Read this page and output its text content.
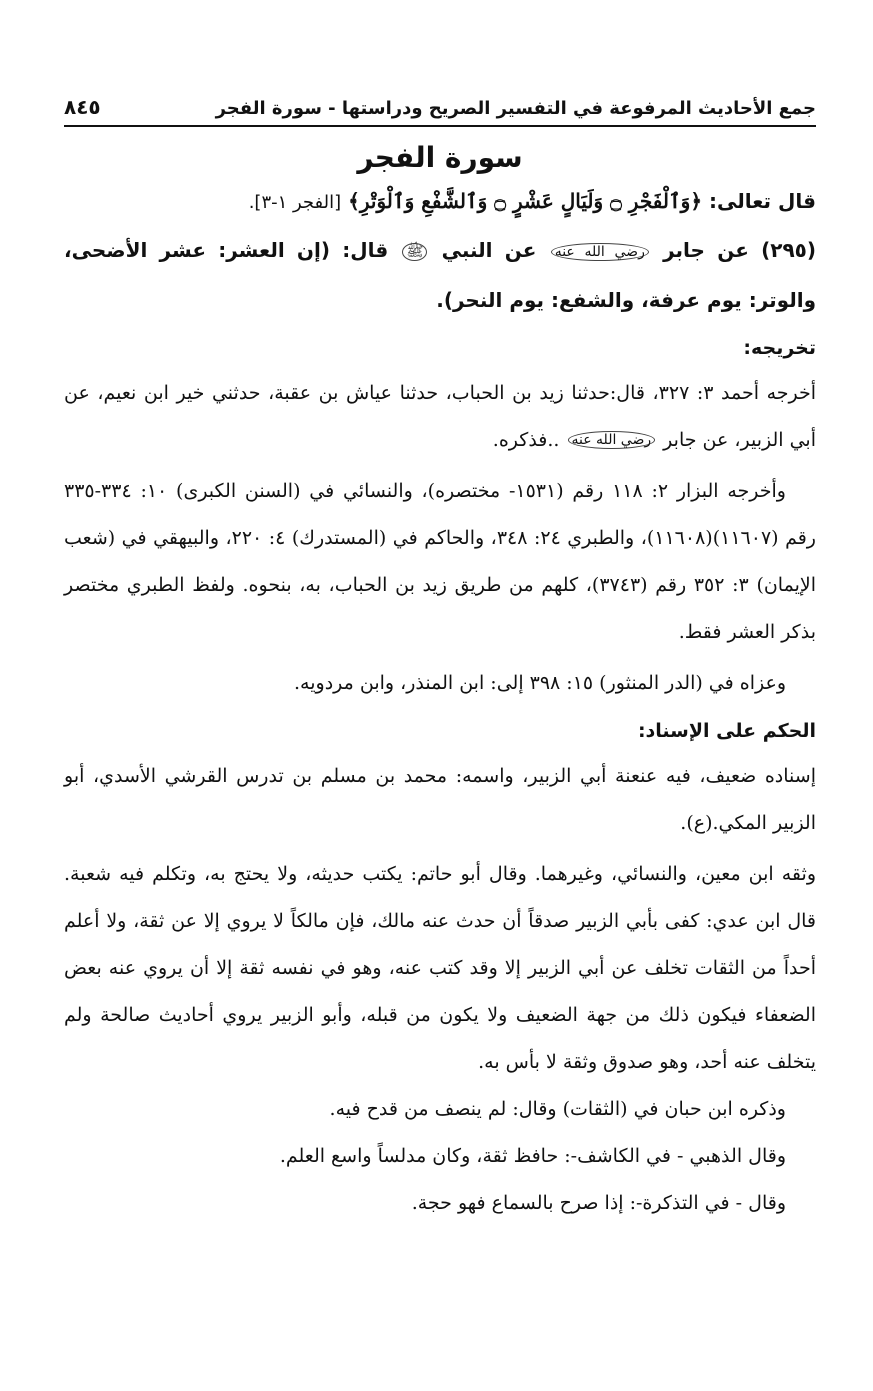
جمع الأحاديث المرفوعة في التفسير الصريح ودراستها - سورة الفجر
٨٤٥
سورة الفجر
قال تعالى: ﴿وَٱلْفَجْرِ ۝ وَلَيَالٍ عَشْرٍ ۝ وَٱلشَّفْعِ وَٱلْوَتْرِ﴾ [الفجر ١-٣].
(٢٩٥) عن جابر رضي الله عنه عن النبي ﷺ قال: (إن العشر: عشر الأضحى، والوتر: يوم عرفة، والشفع: يوم النحر).
تخريجه:

أخرجه أحمد ٣: ٣٢٧، قال:حدثنا زيد بن الحباب، حدثنا عياش بن عقبة، حدثني خير ابن نعيم، عن أبي الزبير، عن جابر رضي الله عنه ..فذكره.

وأخرجه البزار ٢: ١١٨ رقم (١٥٣١- مختصره)، والنسائي في (السنن الكبرى) ١٠: ٣٣٤-٣٣٥ رقم (١١٦٠٧)(١١٦٠٨)، والطبري ٢٤: ٣٤٨، والحاكم في (المستدرك) ٤: ٢٢٠، والبيهقي في (شعب الإيمان) ٣: ٣٥٢ رقم (٣٧٤٣)، كلهم من طريق زيد بن الحباب، به، بنحوه. ولفظ الطبري مختصر بذكر العشر فقط.

وعزاه في (الدر المنثور) ١٥: ٣٩٨ إلى: ابن المنذر، وابن مردويه.

الحكم على الإسناد:

إسناده ضعيف، فيه عنعنة أبي الزبير، واسمه: محمد بن مسلم بن تدرس القرشي الأسدي، أبو الزبير المكي.(ع).

وثقه ابن معين، والنسائي، وغيرهما. وقال أبو حاتم: يكتب حديثه، ولا يحتج به، وتكلم فيه شعبة. قال ابن عدي: كفى بأبي الزبير صدقاً أن حدث عنه مالك، فإن مالكاً لا يروي إلا عن ثقة، ولا أعلم أحداً من الثقات تخلف عن أبي الزبير إلا وقد كتب عنه، وهو في نفسه ثقة إلا أن يروي عنه بعض الضعفاء فيكون ذلك من جهة الضعيف ولا يكون من قبله، وأبو الزبير يروي أحاديث صالحة ولم يتخلف عنه أحد، وهو صدوق وثقة لا بأس به.

وذكره ابن حبان في (الثقات) وقال: لم ينصف من قدح فيه.

وقال الذهبي - في الكاشف-: حافظ ثقة، وكان مدلساً واسع العلم.

وقال - في التذكرة-: إذا صرح بالسماع فهو حجة.
